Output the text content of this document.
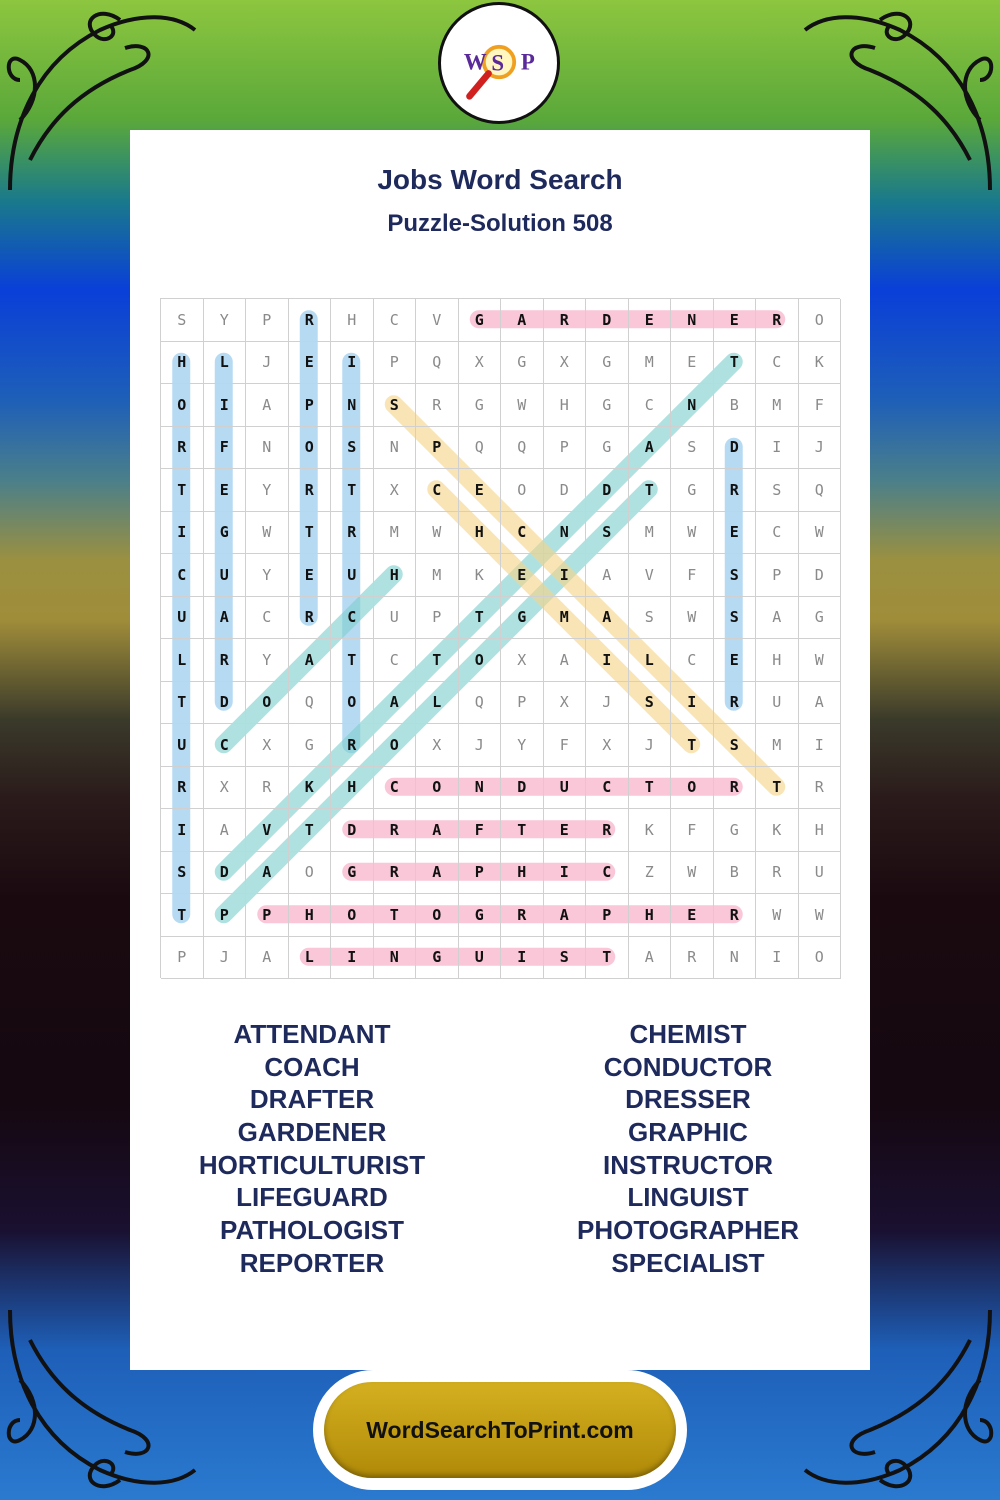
W S P
Jobs Word Search
Puzzle-Solution 508
S	Y	P	R	H	C	V	G	A	R	D	E	N	E	R	O
H	L	J	E	I	P	Q	X	G	X	G	M	E	T	C	K
O	I	A	P	N	S	R	G	W	H	G	C	N	B	M	F
R	F	N	O	S	N	P	Q	Q	P	G	A	S	D	I	J
T	E	Y	R	T	X	C	E	O	D	D	T	G	R	S	Q
I	G	W	T	R	M	W	H	C	N	S	M	W	E	C	W
C	U	Y	E	U	H	M	K	E	I	A	V	F	S	P	D
U	A	C	R	C	U	P	T	G	M	A	S	W	S	A	G
L	R	Y	A	T	C	T	O	X	A	I	L	C	E	H	W
T	D	O	Q	O	A	L	Q	P	X	J	S	I	R	U	A
U	C	X	G	R	O	X	J	Y	F	X	J	T	S	M	I
R	X	R	K	H	C	O	N	D	U	C	T	O	R	T	R
I	A	V	T	D	R	A	F	T	E	R	K	F	G	K	H
S	D	A	O	G	R	A	P	H	I	C	Z	W	B	R	U
T	P	P	H	O	T	O	G	R	A	P	H	E	R	W	W
P	J	A	L	I	N	G	U	I	S	T	A	R	N	I	O
ATTENDANT
COACH
DRAFTER
GARDENER
HORTICULTURIST
LIFEGUARD
PATHOLOGIST
REPORTER
CHEMIST
CONDUCTOR
DRESSER
GRAPHIC
INSTRUCTOR
LINGUIST
PHOTOGRAPHER
SPECIALIST
WordSearchToPrint.com
